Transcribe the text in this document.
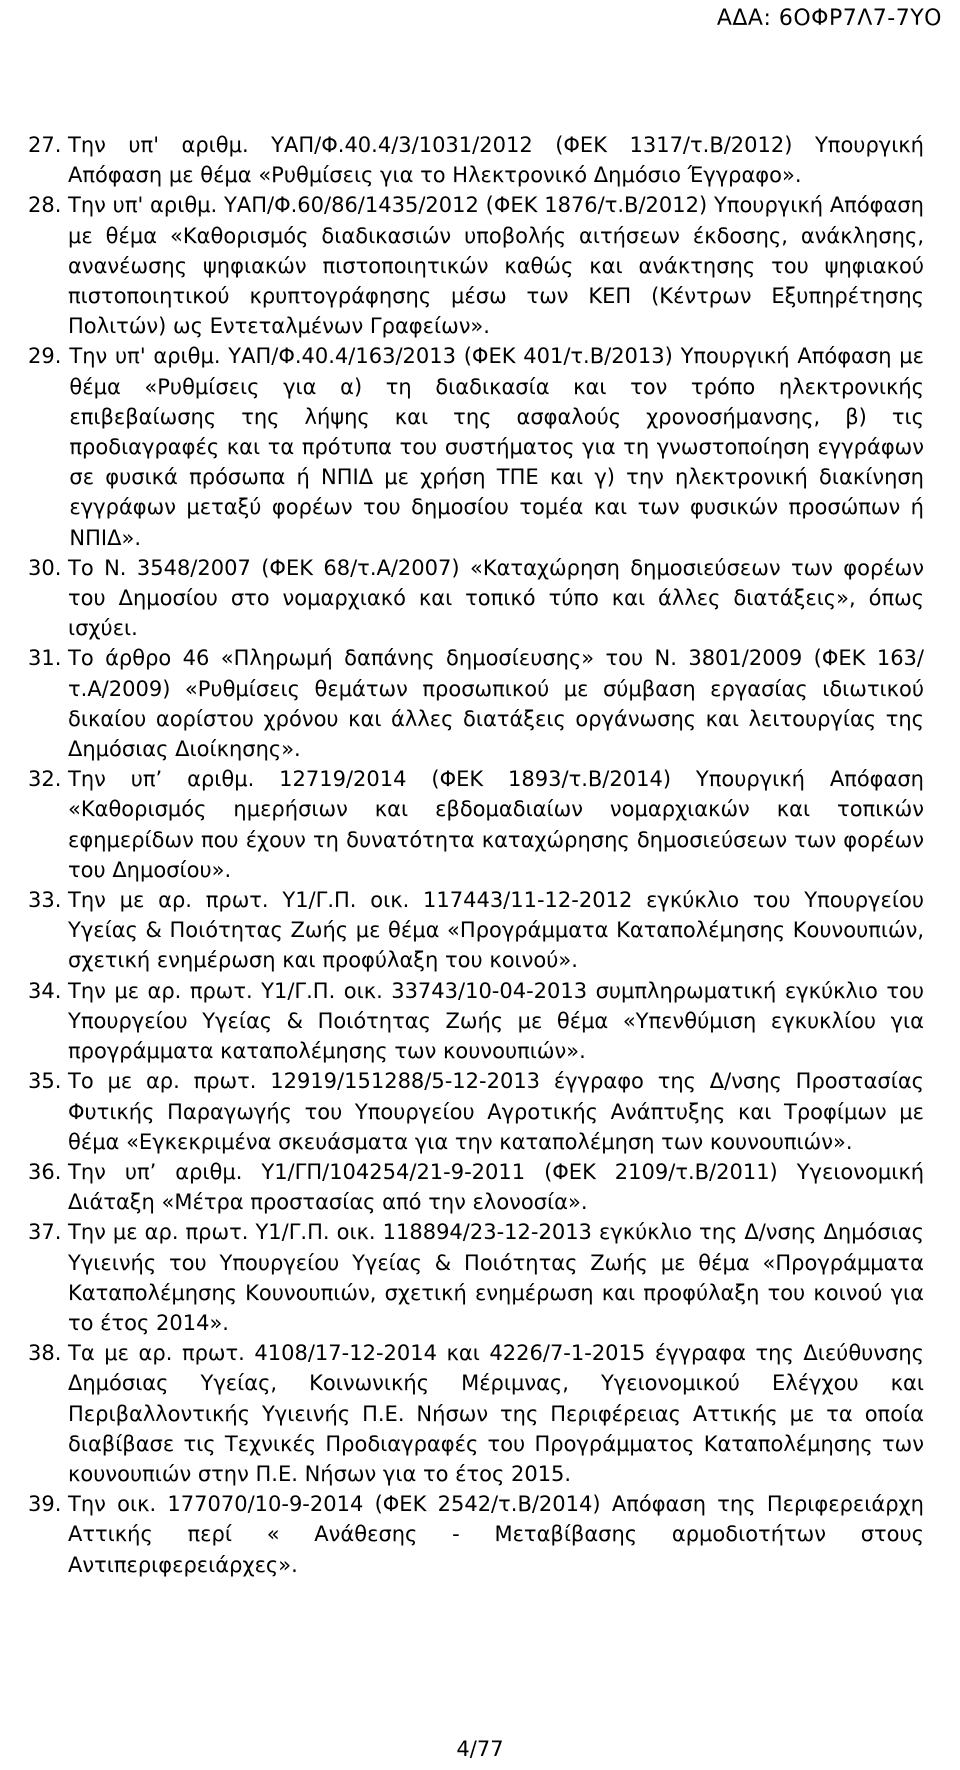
ΑΔΑ: 6ΟΦΡ7Λ7-7ΥΟ
27. Την υπ' αριθμ. ΥΑΠ/Φ.40.4/3/1031/2012 (ΦΕΚ 1317/τ.Β/2012) Υπουργική Απόφαση με θέμα «Ρυθμίσεις για το Ηλεκτρονικό Δημόσιο Έγγραφο».
28. Την υπ' αριθμ. ΥΑΠ/Φ.60/86/1435/2012 (ΦΕΚ 1876/τ.Β/2012) Υπουργική Απόφαση με θέμα «Καθορισμός διαδικασιών υποβολής αιτήσεων έκδοσης, ανάκλησης, ανανέωσης ψηφιακών πιστοποιητικών καθώς και ανάκτησης του ψηφιακού πιστοποιητικού κρυπτογράφησης μέσω των ΚΕΠ (Κέντρων Εξυπηρέτησης Πολιτών) ως Εντεταλμένων Γραφείων».
29. Την υπ' αριθμ. ΥΑΠ/Φ.40.4/163/2013 (ΦΕΚ 401/τ.Β/2013) Υπουργική Απόφαση με θέμα «Ρυθμίσεις για α) τη διαδικασία και τον τρόπο ηλεκτρονικής επιβεβαίωσης της λήψης και της ασφαλούς χρονοσήμανσης, β) τις προδιαγραφές και τα πρότυπα του συστήματος για τη γνωστοποίηση εγγράφων σε φυσικά πρόσωπα ή ΝΠΙΔ με χρήση ΤΠΕ και γ) την ηλεκτρονική διακίνηση εγγράφων μεταξύ φορέων του δημοσίου τομέα και των φυσικών προσώπων ή ΝΠΙΔ».
30. Το Ν. 3548/2007 (ΦΕΚ 68/τ.Α/2007) «Καταχώρηση δημοσιεύσεων των φορέων του Δημοσίου στο νομαρχιακό και τοπικό τύπο και άλλες διατάξεις», όπως ισχύει.
31. Το άρθρο 46 «Πληρωμή δαπάνης δημοσίευσης» του Ν. 3801/2009 (ΦΕΚ 163/τ.Α/2009) «Ρυθμίσεις θεμάτων προσωπικού με σύμβαση εργασίας ιδιωτικού δικαίου αορίστου χρόνου και άλλες διατάξεις οργάνωσης και λειτουργίας της Δημόσιας Διοίκησης».
32. Την υπ’ αριθμ. 12719/2014 (ΦΕΚ 1893/τ.Β/2014) Υπουργική Απόφαση «Καθορισμός ημερήσιων και εβδομαδιαίων νομαρχιακών και τοπικών εφημερίδων που έχουν τη δυνατότητα καταχώρησης δημοσιεύσεων των φορέων του Δημοσίου».
33. Την με αρ. πρωτ. Υ1/Γ.Π. οικ. 117443/11-12-2012 εγκύκλιο του Υπουργείου Υγείας & Ποιότητας Ζωής με θέμα «Προγράμματα Καταπολέμησης Κουνουπιών, σχετική ενημέρωση και προφύλαξη του κοινού».
34. Την με αρ. πρωτ. Υ1/Γ.Π. οικ. 33743/10-04-2013 συμπληρωματική εγκύκλιο του Υπουργείου Υγείας & Ποιότητας Ζωής με θέμα «Υπενθύμιση εγκυκλίου για προγράμματα καταπολέμησης των κουνουπιών».
35. Το με αρ. πρωτ. 12919/151288/5-12-2013 έγγραφο της Δ/νσης Προστασίας Φυτικής Παραγωγής του Υπουργείου Αγροτικής Ανάπτυξης και Τροφίμων με θέμα «Εγκεκριμένα σκευάσματα για την καταπολέμηση των κουνουπιών».
36. Την υπ’ αριθμ. Υ1/ΓΠ/104254/21-9-2011 (ΦΕΚ 2109/τ.Β/2011) Υγειονομική Διάταξη «Μέτρα προστασίας από την ελονοσία».
37. Την με αρ. πρωτ. Υ1/Γ.Π. οικ. 118894/23-12-2013 εγκύκλιο της Δ/νσης Δημόσιας Υγιεινής του Υπουργείου Υγείας & Ποιότητας Ζωής με θέμα «Προγράμματα Καταπολέμησης Κουνουπιών, σχετική ενημέρωση και προφύλαξη του κοινού για το έτος 2014».
38. Τα με αρ. πρωτ. 4108/17-12-2014 και 4226/7-1-2015 έγγραφα της Διεύθυνσης Δημόσιας Υγείας, Κοινωνικής Μέριμνας, Υγειονομικού Ελέγχου και Περιβαλλοντικής Υγιεινής Π.Ε. Νήσων της Περιφέρειας Αττικής με τα οποία διαβίβασε τις Τεχνικές Προδιαγραφές του Προγράμματος Καταπολέμησης των κουνουπιών στην Π.Ε. Νήσων για το έτος 2015.
39. Την οικ. 177070/10-9-2014 (ΦΕΚ 2542/τ.Β/2014) Απόφαση της Περιφερειάρχη Αττικής περί « Ανάθεσης - Μεταβίβασης αρμοδιοτήτων στους Αντιπεριφερειάρχες».
4/77
